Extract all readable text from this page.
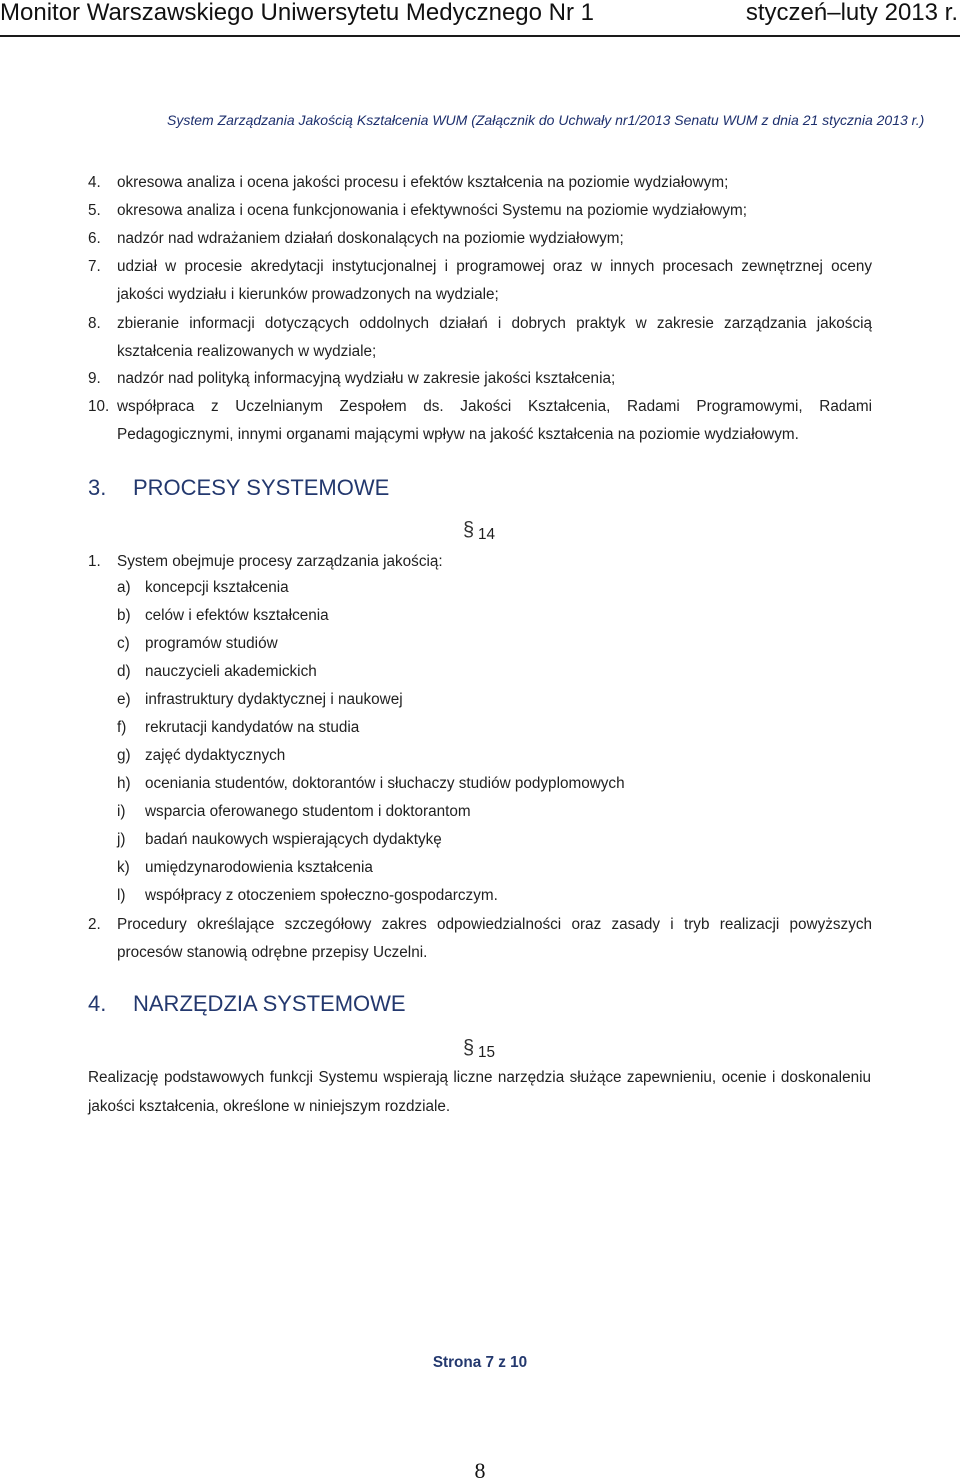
Monitor Warszawskiego Uniwersytetu Medycznego Nr 1	styczeń–luty 2013 r.
System Zarządzania Jakością Kształcenia WUM (Załącznik do Uchwały nr1/2013 Senatu WUM z dnia 21 stycznia 2013 r.)
4. okresowa analiza i ocena jakości procesu i efektów kształcenia na poziomie wydziałowym;
5. okresowa analiza i ocena funkcjonowania i efektywności Systemu na poziomie wydziałowym;
6. nadzór nad wdrażaniem działań doskonalących na poziomie wydziałowym;
7. udział w procesie akredytacji instytucjonalnej i programowej oraz w innych procesach zewnętrznej oceny jakości wydziału i kierunków prowadzonych na wydziale;
8. zbieranie informacji dotyczących oddolnych działań i dobrych praktyk w zakresie zarządzania jakością kształcenia realizowanych w wydziale;
9. nadzór nad polityką informacyjną wydziału w zakresie jakości kształcenia;
10. współpraca z Uczelnianym Zespołem ds. Jakości Kształcenia, Radami Programowymi, Radami Pedagogicznymi, innymi organami mającymi wpływ na jakość kształcenia na poziomie wydziałowym.
3. PROCESY SYSTEMOWE
§ 14
1. System obejmuje procesy zarządzania jakością:
a) koncepcji kształcenia
b) celów i efektów kształcenia
c) programów studiów
d) nauczycieli akademickich
e) infrastruktury dydaktycznej i naukowej
f) rekrutacji kandydatów na studia
g) zajęć dydaktycznych
h) oceniania studentów, doktorantów i słuchaczy studiów podyplomowych
i) wsparcia oferowanego studentom i doktorantom
j) badań naukowych wspierających dydaktykę
k) umiędzynarodowienia kształcenia
l) współpracy z otoczeniem społeczno-gospodarczym.
2. Procedury określające szczegółowy zakres odpowiedzialności oraz zasady i tryb realizacji powyższych procesów stanowią odrębne przepisy Uczelni.
4. NARZĘDZIA SYSTEMOWE
§ 15
Realizację podstawowych funkcji Systemu wspierają liczne narzędzia służące zapewnieniu, ocenie i doskonaleniu jakości kształcenia, określone w niniejszym rozdziale.
Strona 7 z 10
8
